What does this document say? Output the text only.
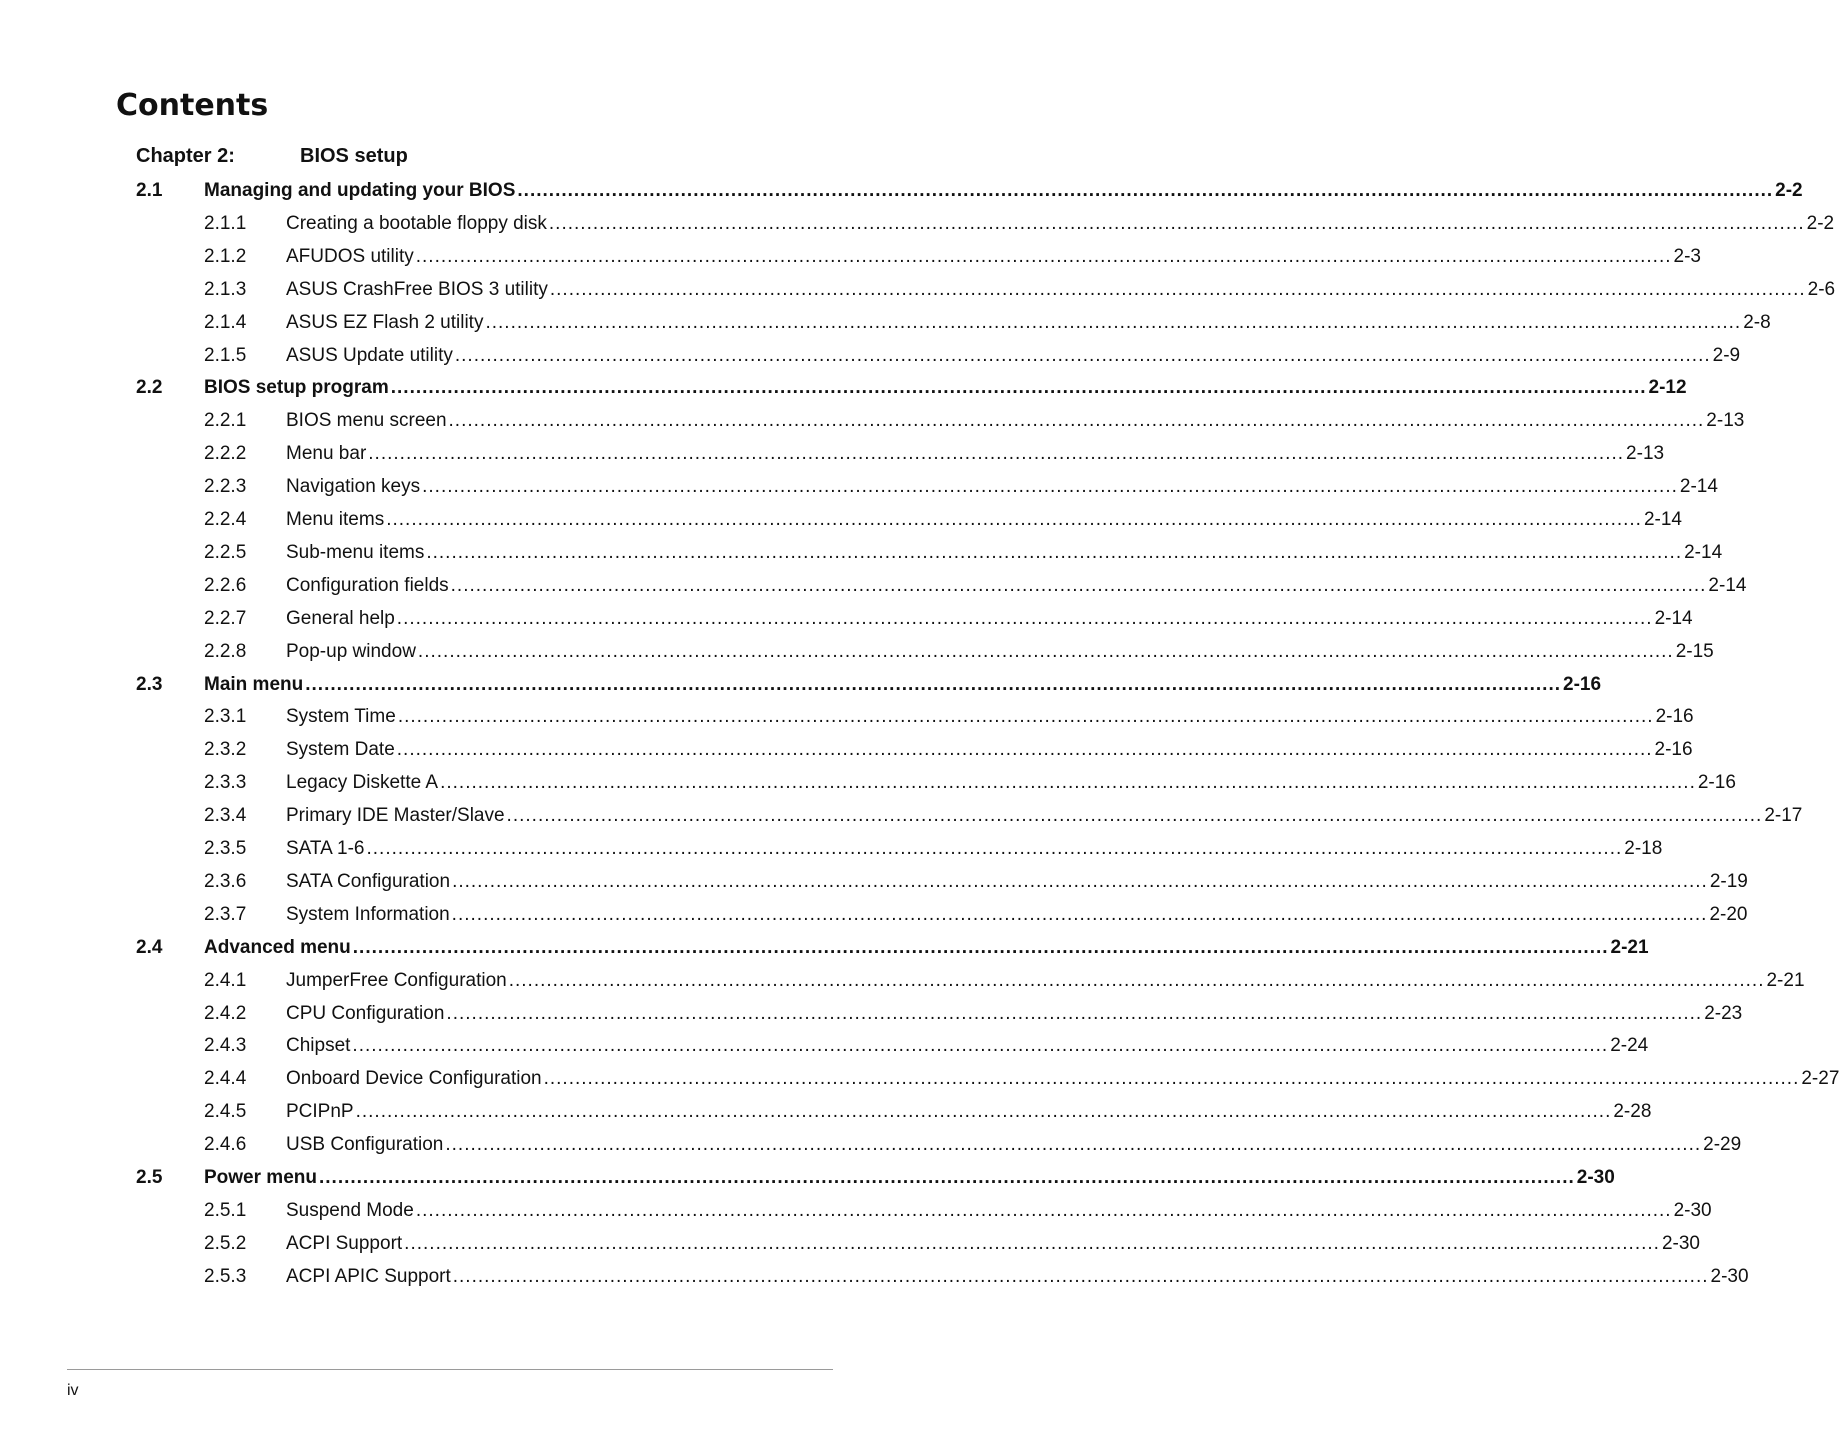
Contents
Chapter 2:	BIOS setup
2.1	Managing and updating your BIOS ........................................................................................................................................................................................................ 2-2
2.1.1	Creating a bootable floppy disk ........................................................................................................................................................................................................ 2-2
2.1.2	AFUDOS utility ........................................................................................................................................................................................................ 2-3
2.1.3	ASUS CrashFree BIOS 3 utility ........................................................................................................................................................................................................ 2-6
2.1.4	ASUS EZ Flash 2 utility ........................................................................................................................................................................................................ 2-8
2.1.5	ASUS Update utility ........................................................................................................................................................................................................ 2-9
2.2	BIOS setup program ........................................................................................................................................................................................................ 2-12
2.2.1	BIOS menu screen ........................................................................................................................................................................................................ 2-13
2.2.2	Menu bar ........................................................................................................................................................................................................ 2-13
2.2.3	Navigation keys ........................................................................................................................................................................................................ 2-14
2.2.4	Menu items ........................................................................................................................................................................................................ 2-14
2.2.5	Sub-menu items ........................................................................................................................................................................................................ 2-14
2.2.6	Configuration fields ........................................................................................................................................................................................................ 2-14
2.2.7	General help ........................................................................................................................................................................................................ 2-14
2.2.8	Pop-up window ........................................................................................................................................................................................................ 2-15
2.3	Main menu ........................................................................................................................................................................................................ 2-16
2.3.1	System Time ........................................................................................................................................................................................................ 2-16
2.3.2	System Date ........................................................................................................................................................................................................ 2-16
2.3.3	Legacy Diskette A ........................................................................................................................................................................................................ 2-16
2.3.4	Primary IDE Master/Slave ........................................................................................................................................................................................................ 2-17
2.3.5	SATA 1-6 ........................................................................................................................................................................................................ 2-18
2.3.6	SATA Configuration ........................................................................................................................................................................................................ 2-19
2.3.7	System Information ........................................................................................................................................................................................................ 2-20
2.4	Advanced menu ........................................................................................................................................................................................................ 2-21
2.4.1	JumperFree Configuration ........................................................................................................................................................................................................ 2-21
2.4.2	CPU Configuration ........................................................................................................................................................................................................ 2-23
2.4.3	Chipset ........................................................................................................................................................................................................ 2-24
2.4.4	Onboard Device Configuration ........................................................................................................................................................................................................ 2-27
2.4.5	PCIPnP ........................................................................................................................................................................................................ 2-28
2.4.6	USB Configuration ........................................................................................................................................................................................................ 2-29
2.5	Power menu ........................................................................................................................................................................................................ 2-30
2.5.1	Suspend Mode ........................................................................................................................................................................................................ 2-30
2.5.2	ACPI Support ........................................................................................................................................................................................................ 2-30
2.5.3	ACPI APIC Support ........................................................................................................................................................................................................ 2-30
iv
